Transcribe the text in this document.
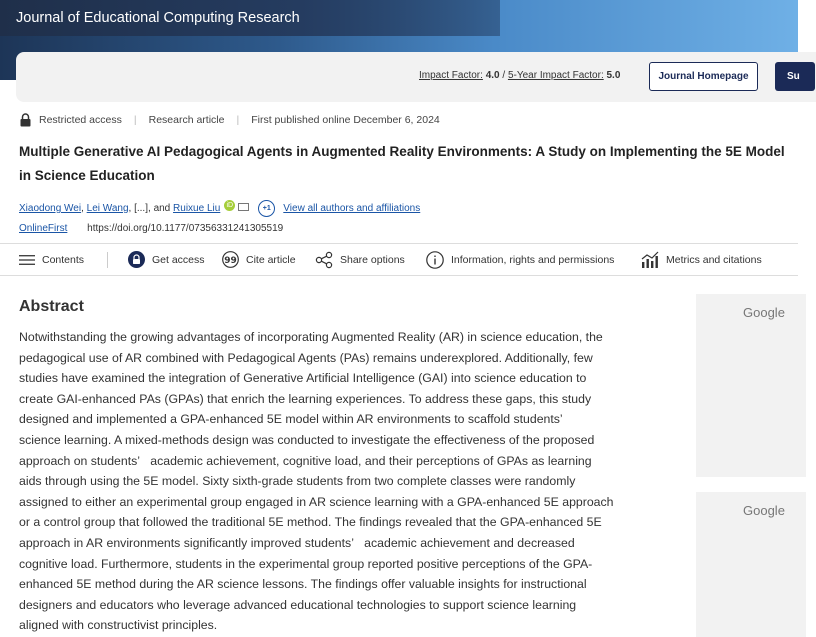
Journal of Educational Computing Research
Impact Factor: 4.0 / 5-Year Impact Factor: 5.0	Journal Homepage	Su
Restricted access | Research article | First published online December 6, 2024
Multiple Generative AI Pedagogical Agents in Augmented Reality Environments: A Study on Implementing the 5E Model in Science Education
Xiaodong Wei , Lei Wang , [...] , and
Ruixue Liu iD	+1	View all authors and affiliations
OnlineFirst https://doi.org/10.1177/07356331241305519
Contents	Get access 99 Cite article	Share options	Information, rights and permissions	Metrics and citations
Abstract
Notwithstanding the growing advantages of incorporating Augmented Reality (AR) in science education, the
pedagogical use of AR combined with Pedagogical Agents (PAs) remains underexplored. Additionally, few
studies have examined the integration of Generative Artificial Intelligence (GAI) into science education to
create GAI-enhanced PAs (GPAs) that enrich the learning experiences. To address these gaps, this study
designed and implemented a GPA-enhanced 5E model within AR environments to scaffold students’
science learning. A mixed-methods design was conducted to investigate the effectiveness of the proposed
approach on students’   academic achievement, cognitive load, and their perceptions of GPAs as learning
aids through using the 5E model. Sixty sixth-grade students from two complete classes were randomly
assigned to either an experimental group engaged in AR science learning with a GPA-enhanced 5E approach
or a control group that followed the traditional 5E method. The findings revealed that the GPA-enhanced 5E
approach in AR environments significantly improved students’   academic achievement and decreased
cognitive load. Furthermore, students in the experimental group reported positive perceptions of the GPA-
enhanced 5E method during the AR science lessons. The findings offer valuable insights for instructional
designers and educators who leverage advanced educational technologies to support science learning
aligned with constructivist principles.
Google
Google
